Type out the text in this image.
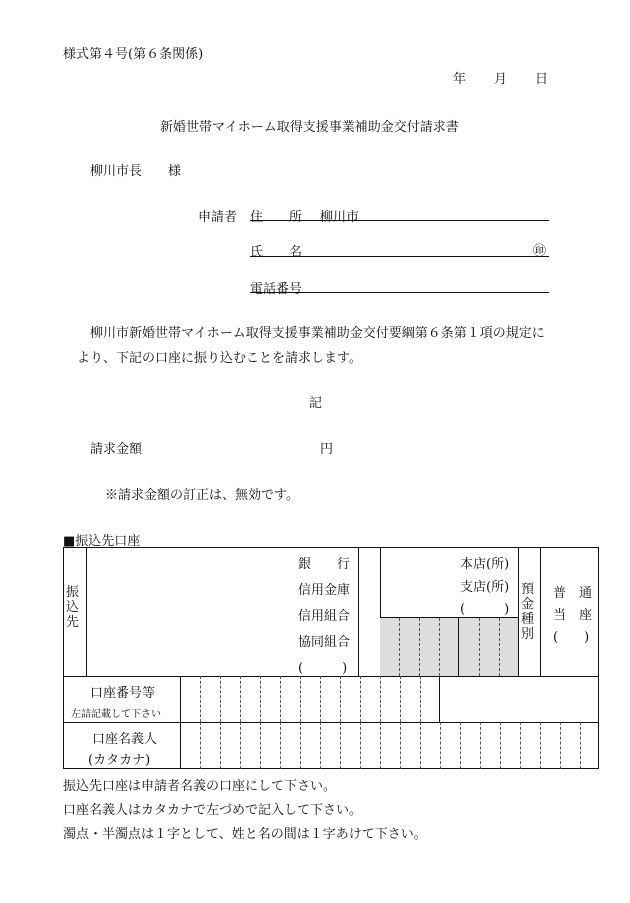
様式第４号(第６条関係)
年 月 日
新婚世帯マイホーム取得支援事業補助金交付請求書
柳川市長　　様
申請者 住　　所 柳川市
氏　　名	㊞
電話番号
柳川市新婚世帯マイホーム取得支援事業補助金交付要綱第６条第１項の規定に
より、下記の口座に振り込むことを請求します。
記
請求金額	円
※請求金額の訂正は、無効です。
■振込先口座
振込先
銀　　行
信用金庫
信用組合
協同組合
(　　　)
本店(所)
支店(所)
(　　　)
預金種別
普　通
当　座
(　　)
口座番号等
左詰記載して下さい
口座名義人
(カタカナ)
振込先口座は申請者名義の口座にして下さい。
口座名義人はカタカナで左づめで記入して下さい。
濁点・半濁点は１字として、姓と名の間は１字あけて下さい。
